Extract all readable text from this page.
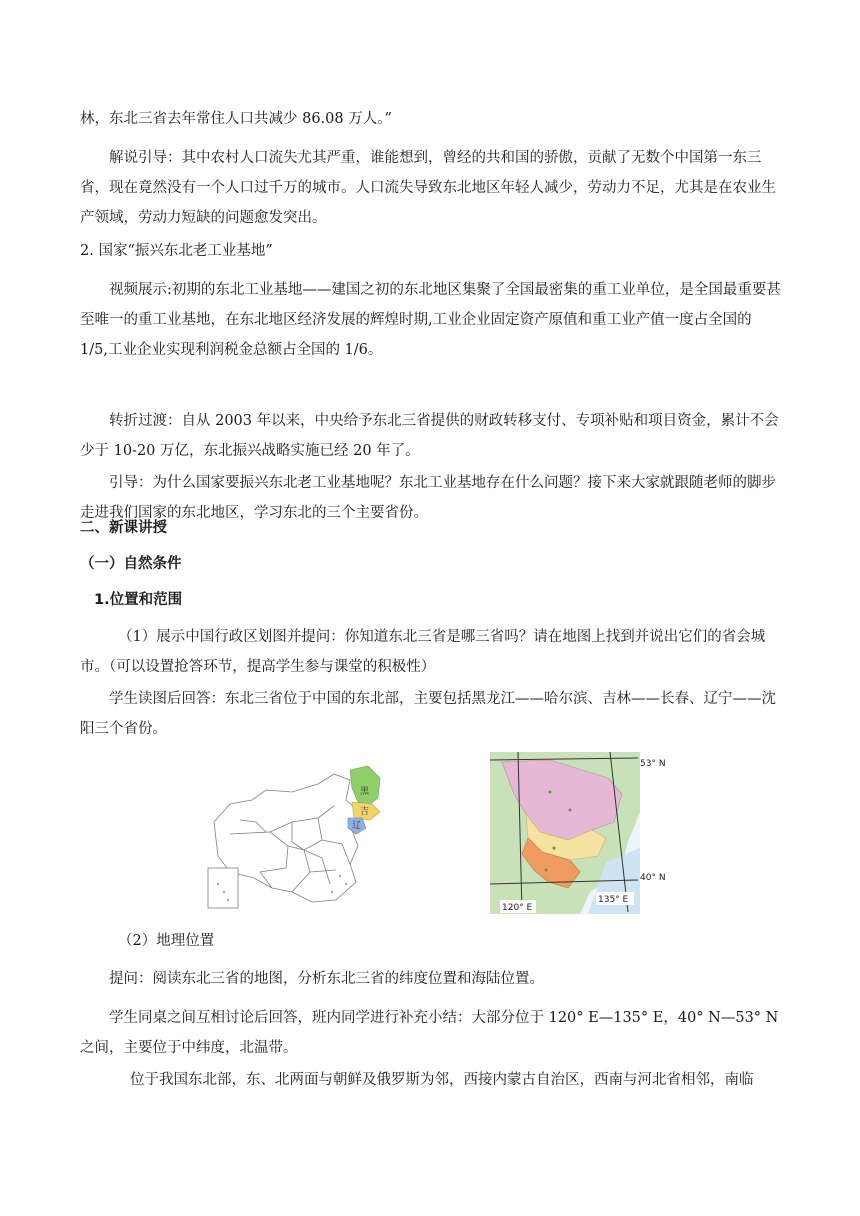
林，东北三省去年常住人口共减少 86.08 万人。”

解说引导：其中农村人口流失尤其严重，谁能想到，曾经的共和国的骄傲，贡献了无数个中国第一东三省，现在竟然没有一个人口过千万的城市。人口流失导致东北地区年轻人减少，劳动力不足，尤其是在农业生产领域，劳动力短缺的问题愈发突出。

2. 国家“振兴东北老工业基地”

视频展示:初期的东北工业基地——建国之初的东北地区集聚了全国最密集的重工业单位，是全国最重要甚至唯一的重工业基地，在东北地区经济发展的辉煌时期,工业企业固定资产原值和重工业产值一度占全国的 1/5,工业企业实现利润税金总额占全国的 1/6。

转折过渡：自从 2003 年以来，中央给予东北三省提供的财政转移支付、专项补贴和项目资金，累计不会少于 10-20 万亿，东北振兴战略实施已经 20 年了。

引导：为什么国家要振兴东北老工业基地呢？东北工业基地存在什么问题？接下来大家就跟随老师的脚步走进我们国家的东北地区，学习东北的三个主要省份。

二、新课讲授

（一）自然条件

1.位置和范围

（1）展示中国行政区划图并提问：你知道东北三省是哪三省吗？请在地图上找到并说出它们的省会城市。（可以设置抢答环节，提高学生参与课堂的积极性）

学生读图后回答：东北三省位于中国的东北部，主要包括黑龙江——哈尔滨、吉林——长春、辽宁——沈阳三个省份。

黑
吉
辽
53° N
40° N
120° E
135° E

（2）地理位置

提问：阅读东北三省的地图，分析东北三省的纬度位置和海陆位置。

学生同桌之间互相讨论后回答，班内同学进行补充小结：大部分位于 120° E—135° E，40° N—53° N 之间，主要位于中纬度，北温带。

位于我国东北部，东、北两面与朝鲜及俄罗斯为邻，西接内蒙古自治区，西南与河北省相邻，南临
